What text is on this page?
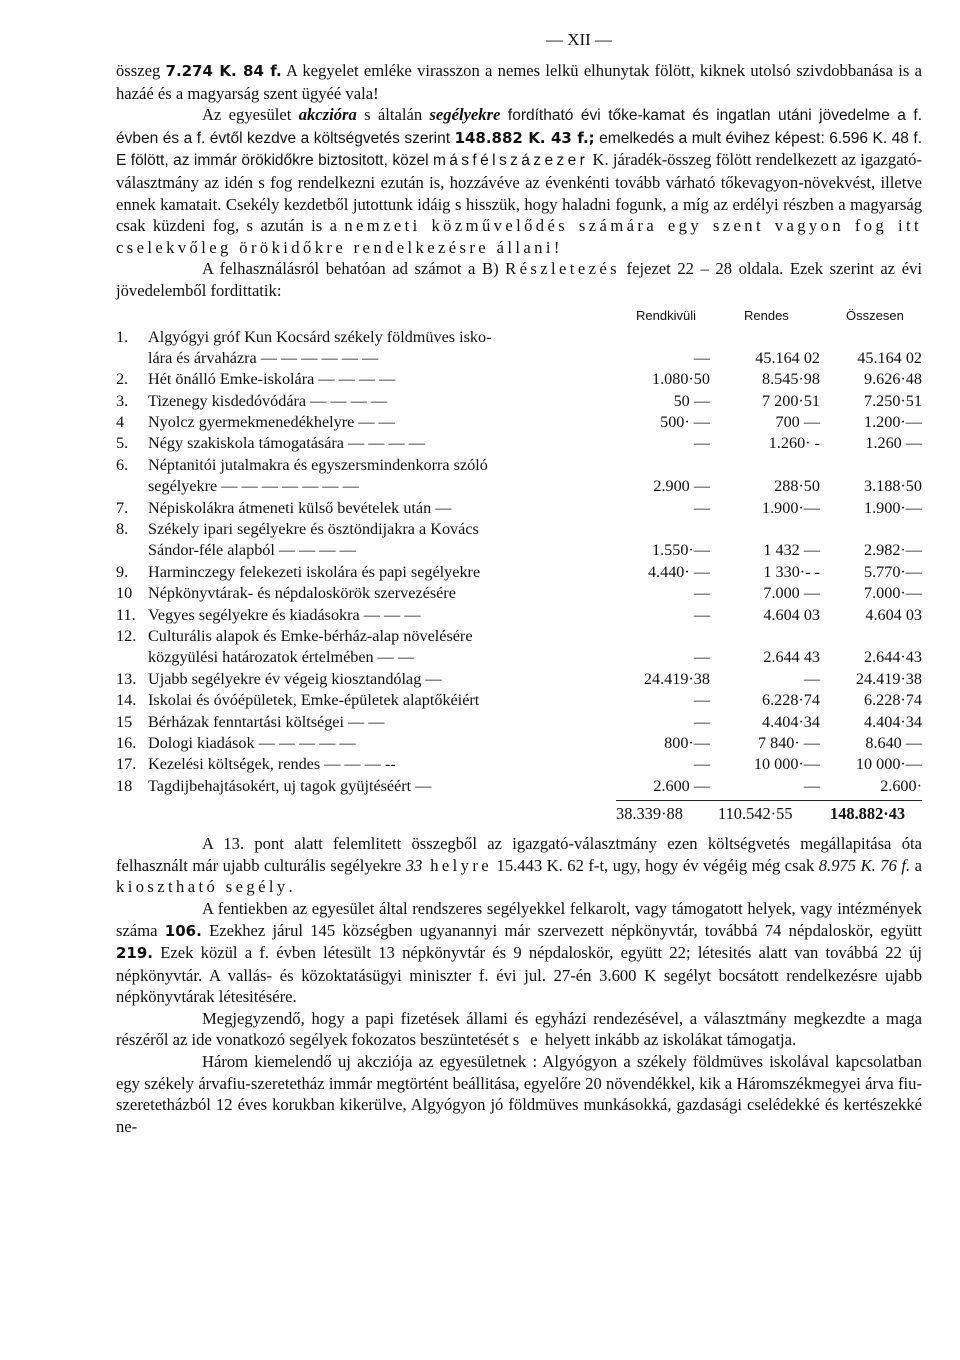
— XII —

összeg 7.274 K. 84 f. A kegyelet emléke virasszon a nemes lelkü elhunytak fölött, kiknek utolsó szivdobbanása is a hazáé és a magyarság szent ügyéé vala!

Az egyesület akczióra s általán segélyekre fordítható évi tőke-kamat és ingatlan utáni jövedelme a f. évben és a f. évtől kezdve a költségvetés szerint 148.882 K. 43 f.; emelkedés a mult évihez képest: 6.596 K. 48 f. E fölött, az immár örökidőkre biztositott, közel másfélszázezer K. járadék-összeg fölött rendelkezett az igazgató-választmány az idén s fog rendelkezni ezután is, hozzávéve az évenkénti tovább várható tőkevagyon-növekvést, illetve ennek kamatait. Csekély kezdetből jutottunk idáig s hisszük, hogy haladni fogunk, a míg az erdélyi részben a magyarság csak küzdeni fog, s azután is a nemzeti közművelődés számára egy szent vagyon fog itt cselekvőleg örökidőkre rendelkezésre állani!

A felhasználásról behatóan ad számot a B) Részletezés fejezet 22 – 28 oldala. Ezek szerint az évi jövedelemből fordittatik:

Rendkivüli	Rendes	Összesen
1.	Algyógyi gróf Kun Kocsárd székely földmüves isko-
lára és árvaházra — — — — — —	—	45.164 02	45.164 02
2.	Hét önálló Emke-iskolára — — — —	1.080·50	8.545·98	9.626·48
3.	Tizenegy kisdedóvódára — — — —	50 —	7 200·51	7.250·51
4	Nyolcz gyermekmenedékhelyre — —	500· —	700 —	1.200·—
5.	Négy szakiskola támogatására — — — —	—	1.260· -	1.260 —
6.	Néptanitói jutalmakra és egyszersmindenkorra szóló
segélyekre — — — — — — —	2.900 —	288·50	3.188·50
7.	Népiskolákra átmeneti külső bevételek után —	—	1.900·—	1.900·—
8.	Székely ipari segélyekre és ösztöndijakra a Kovács
Sándor-féle alapból — — — —	1.550·—	1 432 —	2.982·—
9.	Harminczegy felekezeti iskolára és papi segélyekre	4.440· —	1 330·- -	5.770·—
10 Népkönyvtárak- és népdaloskörök szervezésére	—	7.000 —	7.000·—
11. Vegyes segélyekre és kiadásokra — — —	—	4.604 03	4.604 03
12. Culturális alapok és Emke-bérház-alap növelésére
közgyülési határozatok értelmében — —	—	2.644 43	2.644·43
13. Ujabb segélyekre év végeig kiosztandólag —	24.419·38	—	24.419·38
14. Iskolai és óvóépületek, Emke-épületek alaptőkéiért	—	6.228·74	6.228·74
15 Bérházak fenntartási költségei — —	—	4.404·34	4.404·34
16. Dologi kiadások — — — — —	800·—	7 840· —	8.640 —
17. Kezelési költségek, rendes — — — --	—	10 000·—	10 000·—
18 Tagdijbehajtásokért, uj tagok gyüjtéséért —	2.600 —	—	2.600·
38.339·88 110.542·55 148.882·43

A 13. pont alatt felemlitett összegből az igazgató-választmány ezen költségvetés megállapitása óta felhasznált már ujabb culturális segélyekre 33 helyre 15.443 K. 62 f-t, ugy, hogy év végéig még csak 8.975 K. 76 f. a kiosztható segély.

A fentiekben az egyesület által rendszeres segélyekkel felkarolt, vagy támogatott helyek, vagy intézmények száma 106. Ezekhez járul 145 községben ugyanannyi már szervezett népkönyvtár, továbbá 74 népdaloskör, együtt 219. Ezek közül a f. évben létesült 13 népkönyvtár és 9 népdaloskör, együtt 22; létesités alatt van továbbá 22 új népkönyvtár. A vallás- és közoktatásügyi miniszter f. évi jul. 27-én 3.600 K segélyt bocsátott rendelkezésre ujabb népkönyvtárak létesitésére.

Megjegyzendő, hogy a papi fizetések állami és egyházi rendezésével, a választmány megkezdte a maga részéről az ide vonatkozó segélyek fokozatos beszüntetését s e helyett inkább az iskolákat támogatja.

Három kiemelendő uj akcziója az egyesületnek : Algyógyon a székely földmüves iskolával kapcsolatban egy székely árvafiu-szeretetház immár megtörtént beállitása, egyelőre 20 növendékkel, kik a Háromszékmegyei árva fiu-szeretetházból 12 éves korukban kikerülve, Algyógyon jó földmüves munkásokká, gazdasági cselédekké és kertészekké ne-
